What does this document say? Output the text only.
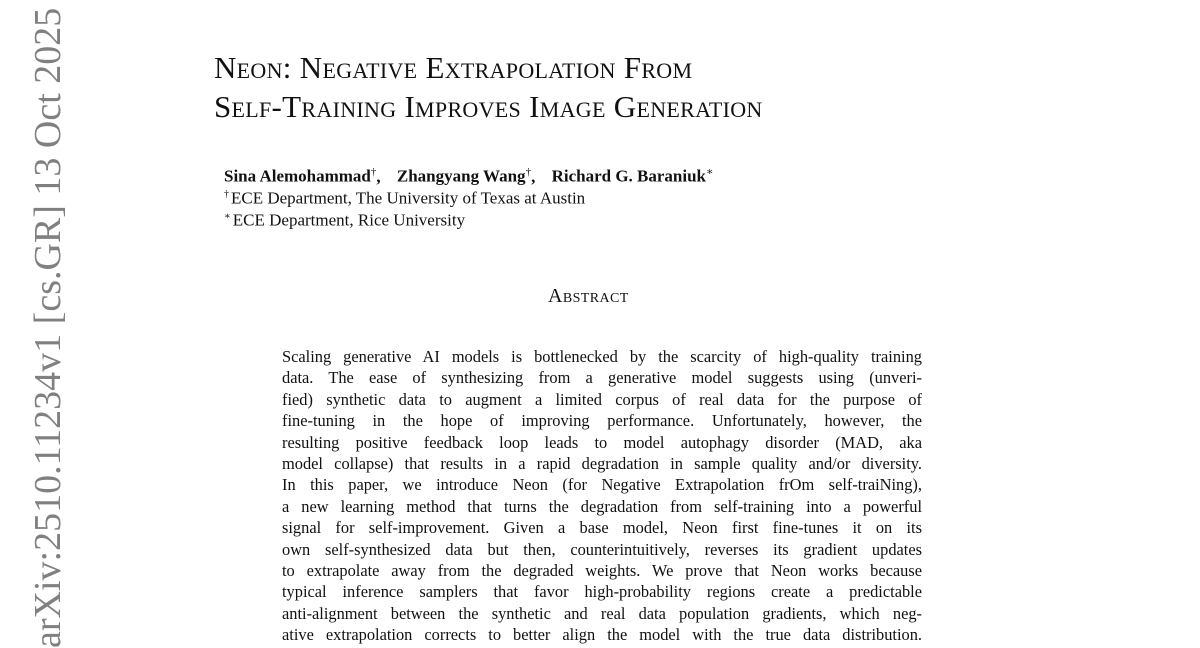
Neon: Negative Extrapolation From
Self-Training Improves Image Generation
Sina Alemohammad†, Zhangyang Wang†, Richard G. Baraniuk∗
† ECE Department, The University of Texas at Austin
∗ ECE Department, Rice University
Abstract
Scaling generative AI models is bottlenecked by the scarcity of high-quality training
data. The ease of synthesizing from a generative model suggests using (unveri-
fied) synthetic data to augment a limited corpus of real data for the purpose of
fine-tuning in the hope of improving performance. Unfortunately, however, the
resulting positive feedback loop leads to model autophagy disorder (MAD, aka
model collapse) that results in a rapid degradation in sample quality and/or diversity.
In this paper, we introduce Neon (for Negative Extrapolation frOm self-traiNing),
a new learning method that turns the degradation from self-training into a powerful
signal for self-improvement. Given a base model, Neon first fine-tunes it on its
own self-synthesized data but then, counterintuitively, reverses its gradient updates
to extrapolate away from the degraded weights. We prove that Neon works because
typical inference samplers that favor high-probability regions create a predictable
anti-alignment between the synthetic and real data population gradients, which neg-
ative extrapolation corrects to better align the model with the true data distribution.
arXiv:2510.11234v1 [cs.GR] 13 Oct 2025
